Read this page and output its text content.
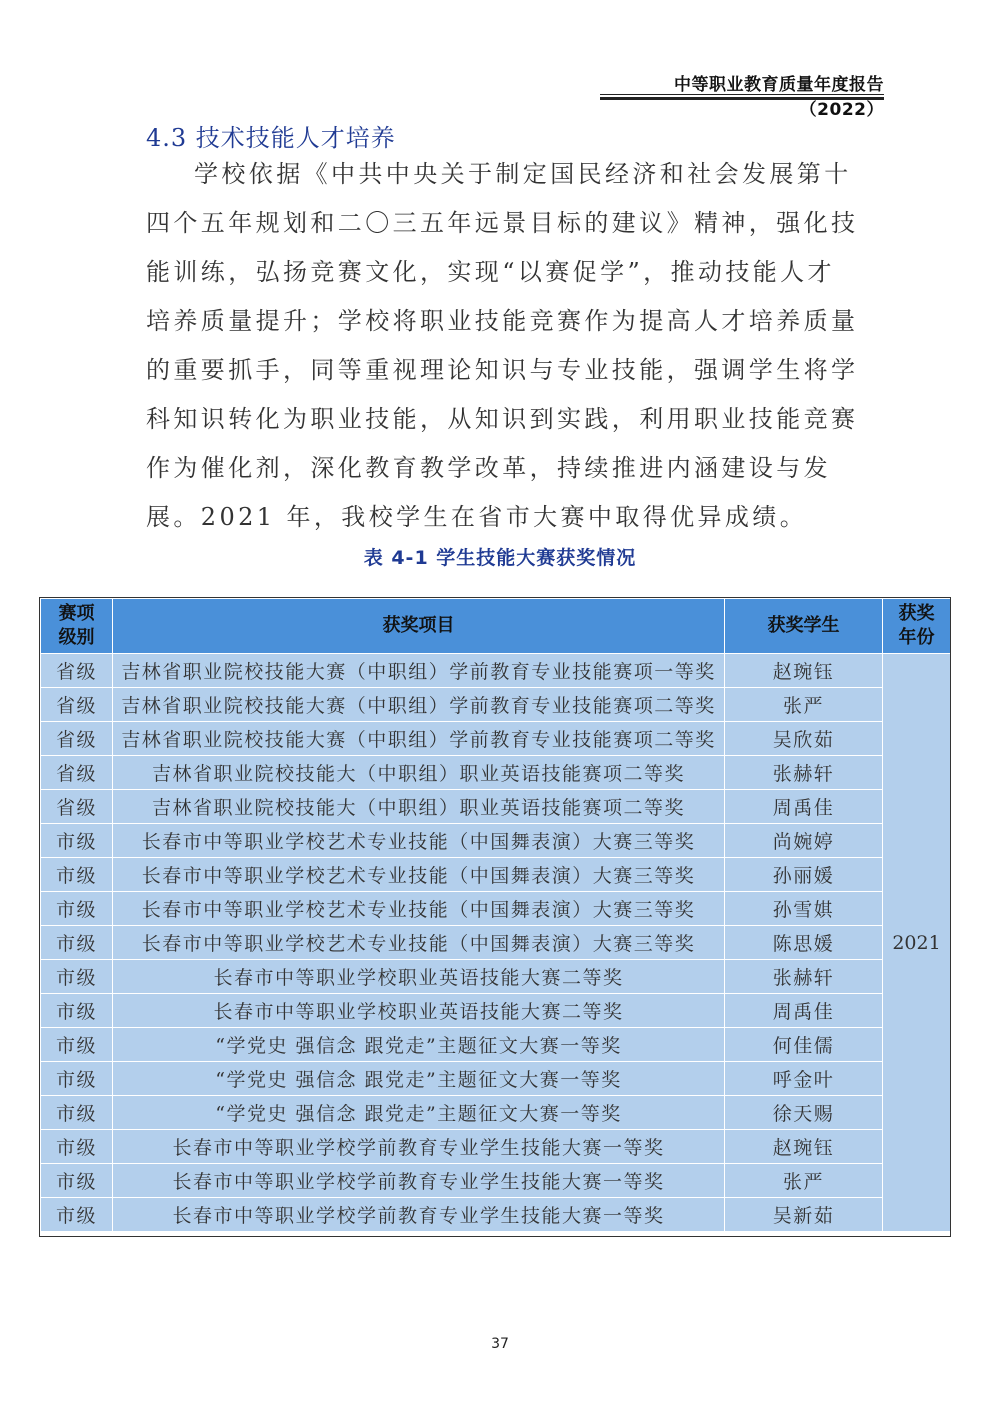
中等职业教育质量年度报告（2022）
4.3 技术技能人才培养

学校依据《中共中央关于制定国民经济和社会发展第十四个五年规划和二〇三五年远景目标的建议》精神，强化技能训练，弘扬竞赛文化，实现“以赛促学”，推动技能人才培养质量提升；学校将职业技能竞赛作为提高人才培养质量的重要抓手，同等重视理论知识与专业技能，强调学生将学科知识转化为职业技能，从知识到实践，利用职业技能竞赛作为催化剂，深化教育教学改革，持续推进内涵建设与发展。2021 年，我校学生在省市大赛中取得优异成绩。

表 4-1 学生技能大赛获奖情况
赛项
级别	获奖项目	获奖学生	获奖
年份
省级	吉林省职业院校技能大赛（中职组）学前教育专业技能赛项一等奖	赵琬钰	2021
省级	吉林省职业院校技能大赛（中职组）学前教育专业技能赛项二等奖	张严	
省级	吉林省职业院校技能大赛（中职组）学前教育专业技能赛项二等奖	吴欣茹	
省级	吉林省职业院校技能大（中职组）职业英语技能赛项二等奖	张赫轩	
省级	吉林省职业院校技能大（中职组）职业英语技能赛项二等奖	周禹佳	
市级	长春市中等职业学校艺术专业技能（中国舞表演）大赛三等奖	尚婉婷	
市级	长春市中等职业学校艺术专业技能（中国舞表演）大赛三等奖	孙丽媛	
市级	长春市中等职业学校艺术专业技能（中国舞表演）大赛三等奖	孙雪娸	
市级	长春市中等职业学校艺术专业技能（中国舞表演）大赛三等奖	陈思媛	
市级	长春市中等职业学校职业英语技能大赛二等奖	张赫轩	
市级	长春市中等职业学校职业英语技能大赛二等奖	周禹佳	
市级	“学党史 强信念 跟党走”主题征文大赛一等奖	何佳儒	
市级	“学党史 强信念 跟党走”主题征文大赛一等奖	呼金叶	
市级	“学党史 强信念 跟党走”主题征文大赛一等奖	徐天赐	
市级	长春市中等职业学校学前教育专业学生技能大赛一等奖	赵琬钰	
市级	长春市中等职业学校学前教育专业学生技能大赛一等奖	张严	
市级	长春市中等职业学校学前教育专业学生技能大赛一等奖	吴新茹	
37
